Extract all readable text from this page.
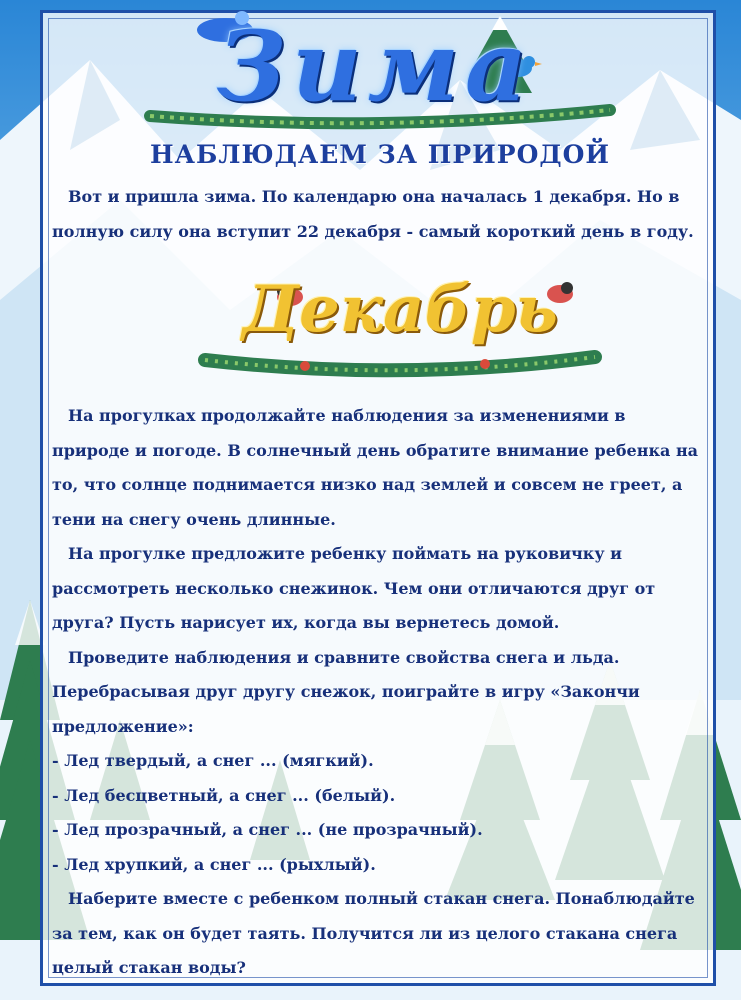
Зима
НАБЛЮДАЕМ ЗА ПРИРОДОЙ

Вот и пришла зима. По календарю она началась 1 декабря. Но в полную силу она вступит 22 декабря - самый короткий день в году.

Декабрь

На прогулках продолжайте наблюдения за изменениями в природе и погоде. В солнечный день обратите внимание ребенка на то, что солнце поднимается низко над землей и совсем не греет, а тени на снегу очень длинные.

На прогулке предложите ребенку поймать на руковичку и рассмотреть несколько снежинок. Чем они отличаются друг от друга? Пусть нарисует их, когда вы вернетесь домой.

Проведите наблюдения и сравните свойства снега и льда. Перебрасывая друг другу снежок, поиграйте в игру «Закончи предложение»:

- Лед твердый, а снег ... (мягкий).

- Лед бесцветный, а снег ... (белый).

- Лед прозрачный, а снег ... (не прозрачный).

- Лед хрупкий, а снег ... (рыхлый).

Наберите вместе с ребенком полный стакан снега. Понаблюдайте за тем, как он будет таять. Получится ли из целого стакана снега целый стакан воды?
